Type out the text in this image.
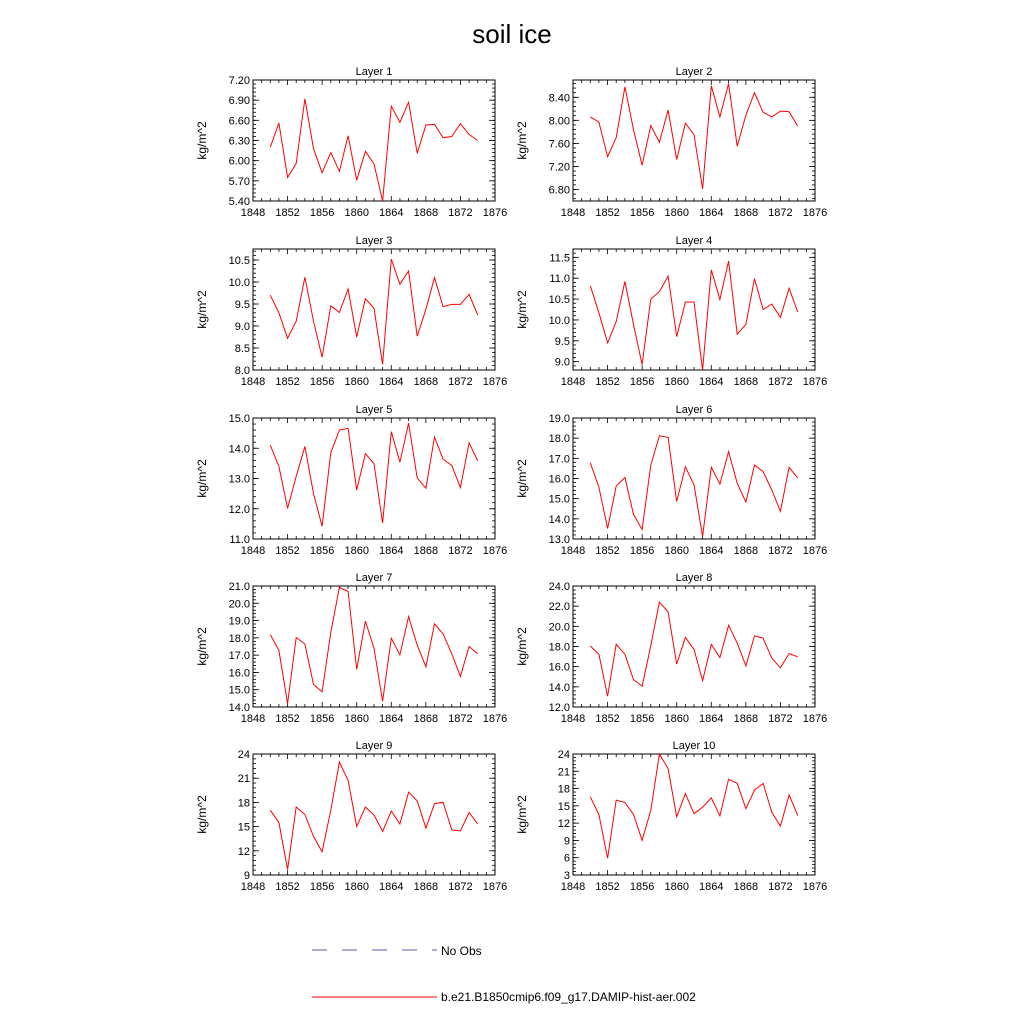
soil ice
Layer 1
1848 1852 1856 1860 1864 1868 1872 1876
5.40
5.70
6.00
6.30
6.60
6.90
7.20
kg/m^2
Layer 2
1848 1852 1856 1860 1864 1868 1872 1876
6.80
7.20
7.60
8.00
8.40
kg/m^2
Layer 3
1848 1852 1856 1860 1864 1868 1872 1876
8.0
8.5
9.0
9.5
10.0
10.5
kg/m^2
Layer 4
1848 1852 1856 1860 1864 1868 1872 1876
9.0
9.5
10.0
10.5
11.0
11.5
kg/m^2
Layer 5
1848 1852 1856 1860 1864 1868 1872 1876
11.0
12.0
13.0
14.0
15.0
kg/m^2
Layer 6
1848 1852 1856 1860 1864 1868 1872 1876
13.0
14.0
15.0
16.0
17.0
18.0
19.0
kg/m^2
Layer 7
1848 1852 1856 1860 1864 1868 1872 1876
14.0
15.0
16.0
17.0
18.0
19.0
20.0
21.0
kg/m^2
Layer 8
1848 1852 1856 1860 1864 1868 1872 1876
12.0
14.0
16.0
18.0
20.0
22.0
24.0
kg/m^2
Layer 9
1848 1852 1856 1860 1864 1868 1872 1876
9
12
15
18
21
24
kg/m^2
Layer 10
1848 1852 1856 1860 1864 1868 1872 1876
3
6
9
12
15
18
21
24
kg/m^2
No Obs
b.e21.B1850cmip6.f09_g17.DAMIP-hist-aer.002
